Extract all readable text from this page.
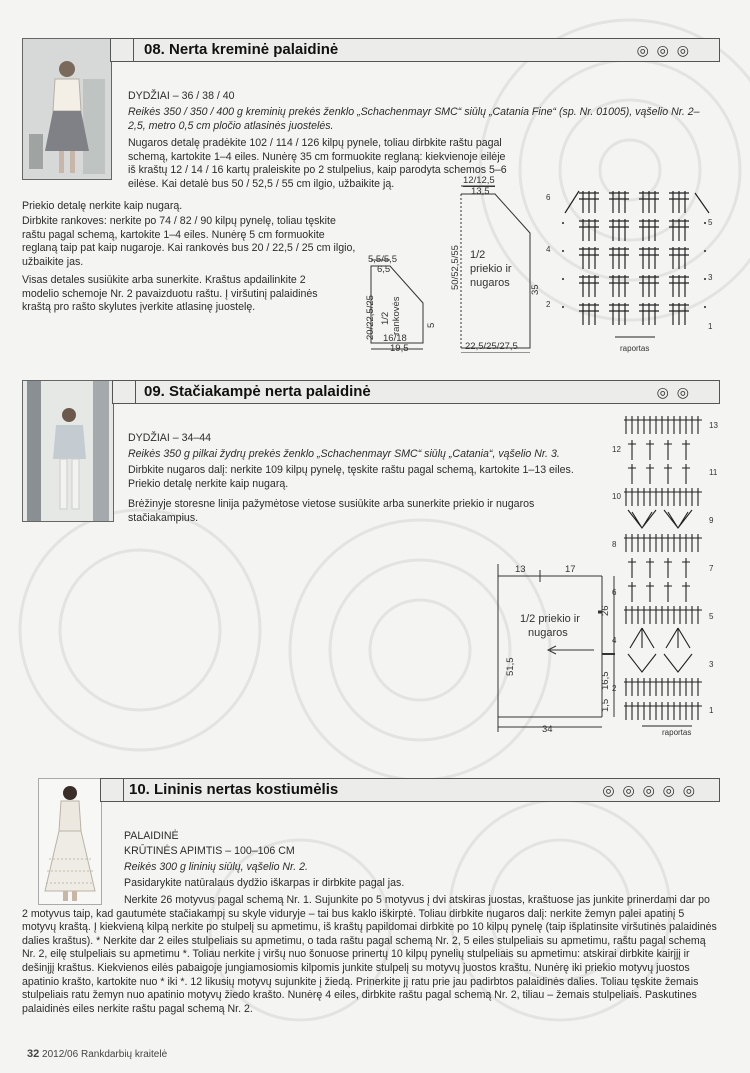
08. Nerta kreminė palaidinė	◎ ◎ ◎
DYDŽIAI – 36 / 38 / 40
Reikės 350 / 350 / 400 g kreminių prekės ženklo „Schachenmayr SMC“ siūlų „Catania Fine“ (sp. Nr. 01005), vąšelio Nr. 2–2,5, metro 0,5 cm pločio atlasinės juostelės.
Nugaros detalę pradėkite 102 / 114 / 126 kilpų pynele, toliau dirbkite raštu pagal schemą, kartokite 1–4 eiles. Nunėrę 35 cm formuokite reglaną: kiekvienoje eilėje iš kraštų 12 / 14 / 16 kartų praleiskite po 2 stulpelius, kaip parodyta schemos 5–6 eilėse. Kai detalė bus 50 / 52,5 / 55 cm ilgio, užbaikite ją.
Priekio detalę nerkite kaip nugarą.
Dirbkite rankoves: nerkite po 74 / 82 / 90 kilpų pynelę, toliau tęskite raštu pagal schemą, kartokite 1–4 eiles. Nunėrę 5 cm formuokite reglaną taip pat kaip nugaroje. Kai rankovės bus 20 / 22,5 / 25 cm ilgio, užbaikite jas.
Visas detales susiūkite arba sunerkite. Kraštus apdailinkite 2 modelio schemoje Nr. 2 pavaizduotu raštu. Į viršutinį palaidinės kraštą pro rašto skylutes įverkite atlasinę juostelę.
12/12,5
13,5
50/52,5/55	35
1/2
priekio ir
nugaros
22,5/25/27,5
5,5/5,5
6,5
20/22,5/25 1/2 rankovės	5
16/18
19,5
6
5
4
3
2
1
raportas
09. Stačiakampė nerta palaidinė	◎ ◎
DYDŽIAI – 34–44
Reikės 350 g pilkai žydrų prekės ženklo „Schachenmayr SMC“ siūlų „Catania“, vąšelio Nr. 3.
Dirbkite nugaros dalį: nerkite 109 kilpų pynelę, tęskite raštu pagal schemą, kartokite 1–13 eiles. Priekio detalę nerkite kaip nugarą.
Brėžinyje storesne linija pažymėtose vietose susiūkite arba sunerkite priekio ir nugaros stačiakampius.
13	17
1/2 priekio ir
nugaros
51,5
26
16,5
1,5
34
13
12
11
10
9
8
7
6
5
4
3
2
1
raportas
10. Lininis nertas kostiumėlis	◎ ◎ ◎ ◎ ◎
PALAIDINĖ
KRŪTINĖS APIMTIS – 100–106 CM
Reikės 300 g lininių siūlų, vąšelio Nr. 2.
Pasidarykite natūralaus dydžio iškarpas ir dirbkite pagal jas.
Nerkite 26 motyvus pagal schemą Nr. 1. Sujunkite po 5 motyvus į dvi atskiras juostas, kraštuose jas junkite prinerdami dar po 2 motyvus taip, kad gautumėte stačiakampį su skyle viduryje – tai bus kaklo iškirptė. Toliau dirbkite nugaros dalį: nerkite žemyn palei apatinį 5 motyvų kraštą. Į kiekvieną kilpą nerkite po stulpelį su apmetimu, iš kraštų papildomai dirbkite po 10 kilpų pynelę (taip išplatinsite viršutinės palaidinės dalies kraštus). * Nerkite dar 2 eiles stulpeliais su apmetimu, o tada raštu pagal schemą Nr. 2, 5 eiles stulpeliais su apmetimu, raštu pagal schemą Nr. 2, eilę stulpeliais su apmetimu *. Toliau nerkite į viršų nuo šonuose prinertų 10 kilpų pynelių stulpeliais su apmetimu: atskirai dirbkite kairįjį ir dešinįjį kraštus. Kiekvienos eilės pabaigoje jungiamosiomis kilpomis junkite stulpelį su motyvų juostos kraštu. Nunėrę iki priekio motyvų juostos apatinio krašto, kartokite nuo * iki *. 12 likusių motyvų sujunkite į žiedą. Prinerkite jį ratu prie jau padirbtos palaidinės dalies. Toliau tęskite žemais stulpeliais ratu žemyn nuo apatinio motyvų žiedo krašto. Nunėrę 4 eiles, dirbkite raštu pagal schemą Nr. 2, tiliau – žemais stulpeliais. Paskutines palaidinės eiles nerkite raštu pagal schemą Nr. 2.
32 2012/06 Rankdarbių kraitelė
